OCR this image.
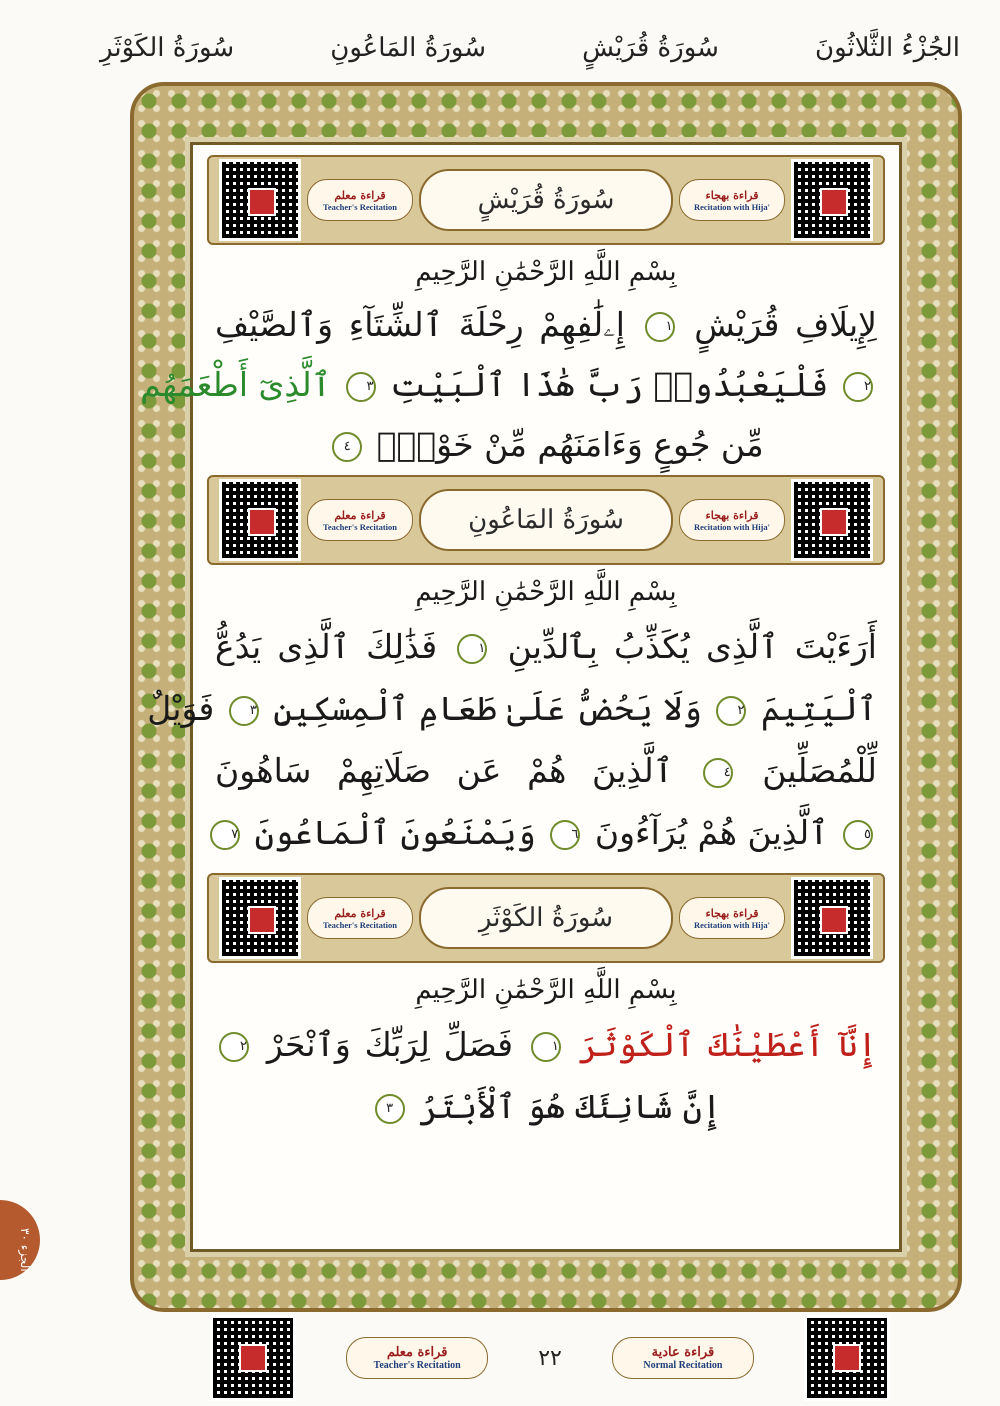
الجُزْءُ الثَّلاثُونَ
سُورَةُ قُرَيْشٍ
سُورَةُ المَاعُونِ
سُورَةُ الكَوْثَرِ
الجزء ٣٠
قراءة بهجاء
Recitation with Hija'
سُورَةُ قُرَيْشٍ
قراءة معلم
Teacher's Recitation
بِسْمِ اللَّهِ الرَّحْمَٰنِ الرَّحِيمِ
لِإِيلَافِ قُرَيْشٍ ١ إِۦلَٰفِهِمْ رِحْلَةَ ٱلشِّتَآءِ وَٱلصَّيْفِ
٢ فَلْيَعْبُدُوا۟ رَبَّ هَٰذَا ٱلْبَيْتِ ٣ ٱلَّذِىٓ أَطْعَمَهُم
مِّن جُوعٍ وَءَامَنَهُم مِّنْ خَوْفٍۭ ٤
قراءة بهجاء
Recitation with Hija'
سُورَةُ المَاعُونِ
قراءة معلم
Teacher's Recitation
بِسْمِ اللَّهِ الرَّحْمَٰنِ الرَّحِيمِ
أَرَءَيْتَ ٱلَّذِى يُكَذِّبُ بِٱلدِّينِ ١ فَذَٰلِكَ ٱلَّذِى يَدُعُّ
ٱلْيَتِيمَ ٢ وَلَا يَحُضُّ عَلَىٰ طَعَامِ ٱلْمِسْكِينِ ٣ فَوَيْلٌ
لِّلْمُصَلِّينَ ٤ ٱلَّذِينَ هُمْ عَن صَلَاتِهِمْ سَاهُونَ
٥ ٱلَّذِينَ هُمْ يُرَآءُونَ ٦ وَيَمْنَعُونَ ٱلْمَاعُونَ ٧
قراءة بهجاء
Recitation with Hija'
سُورَةُ الكَوْثَرِ
قراءة معلم
Teacher's Recitation
بِسْمِ اللَّهِ الرَّحْمَٰنِ الرَّحِيمِ
إِنَّآ أَعْطَيْنَٰكَ ٱلْكَوْثَرَ ١ فَصَلِّ لِرَبِّكَ وَٱنْحَرْ ٢
إِنَّ شَانِئَكَ هُوَ ٱلْأَبْتَرُ ٣
قراءة عادية
Normal Recitation
٢٢
قراءة معلم
Teacher's Recitation
